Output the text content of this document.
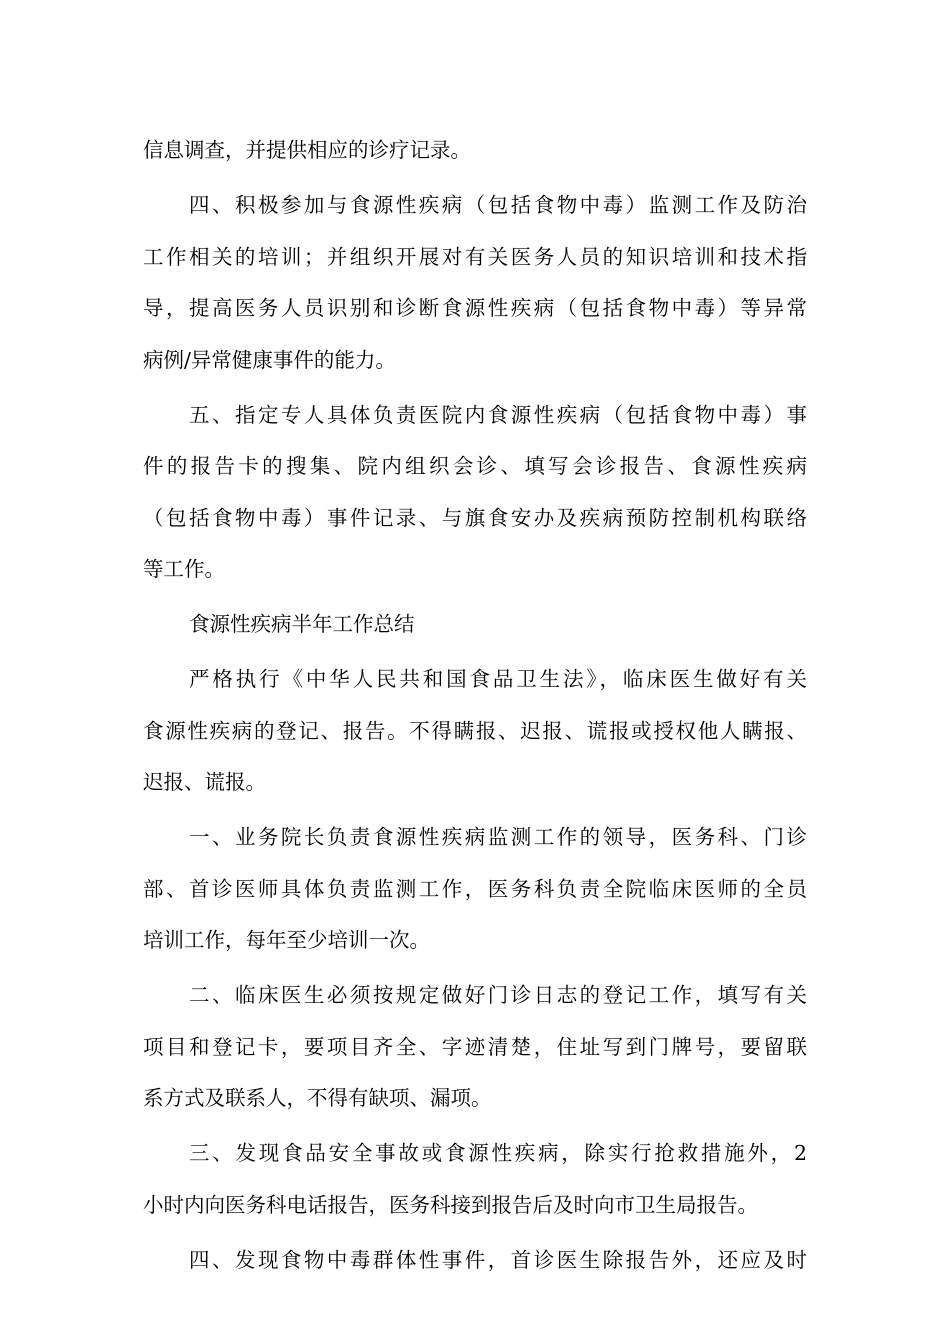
信息调查，并提供相应的诊疗记录。
四、积极参加与食源性疾病（包括食物中毒）监测工作及防治
工作相关的培训；并组织开展对有关医务人员的知识培训和技术指
导，提高医务人员识别和诊断食源性疾病（包括食物中毒）等异常
病例/异常健康事件的能力。
五、指定专人具体负责医院内食源性疾病（包括食物中毒）事
件的报告卡的搜集、院内组织会诊、填写会诊报告、食源性疾病
（包括食物中毒）事件记录、与旗食安办及疾病预防控制机构联络
等工作。
食源性疾病半年工作总结
严格执行《中华人民共和国食品卫生法》，临床医生做好有关
食源性疾病的登记、报告。不得瞒报、迟报、谎报或授权他人瞒报、
迟报、谎报。
一、业务院长负责食源性疾病监测工作的领导，医务科、门诊
部、首诊医师具体负责监测工作，医务科负责全院临床医师的全员
培训工作，每年至少培训一次。
二、临床医生必须按规定做好门诊日志的登记工作，填写有关
项目和登记卡，要项目齐全、字迹清楚，住址写到门牌号，要留联
系方式及联系人，不得有缺项、漏项。
三、发现食品安全事故或食源性疾病，除实行抢救措施外，2
小时内向医务科电话报告，医务科接到报告后及时向市卫生局报告。
四、发现食物中毒群体性事件，首诊医生除报告外，还应及时
